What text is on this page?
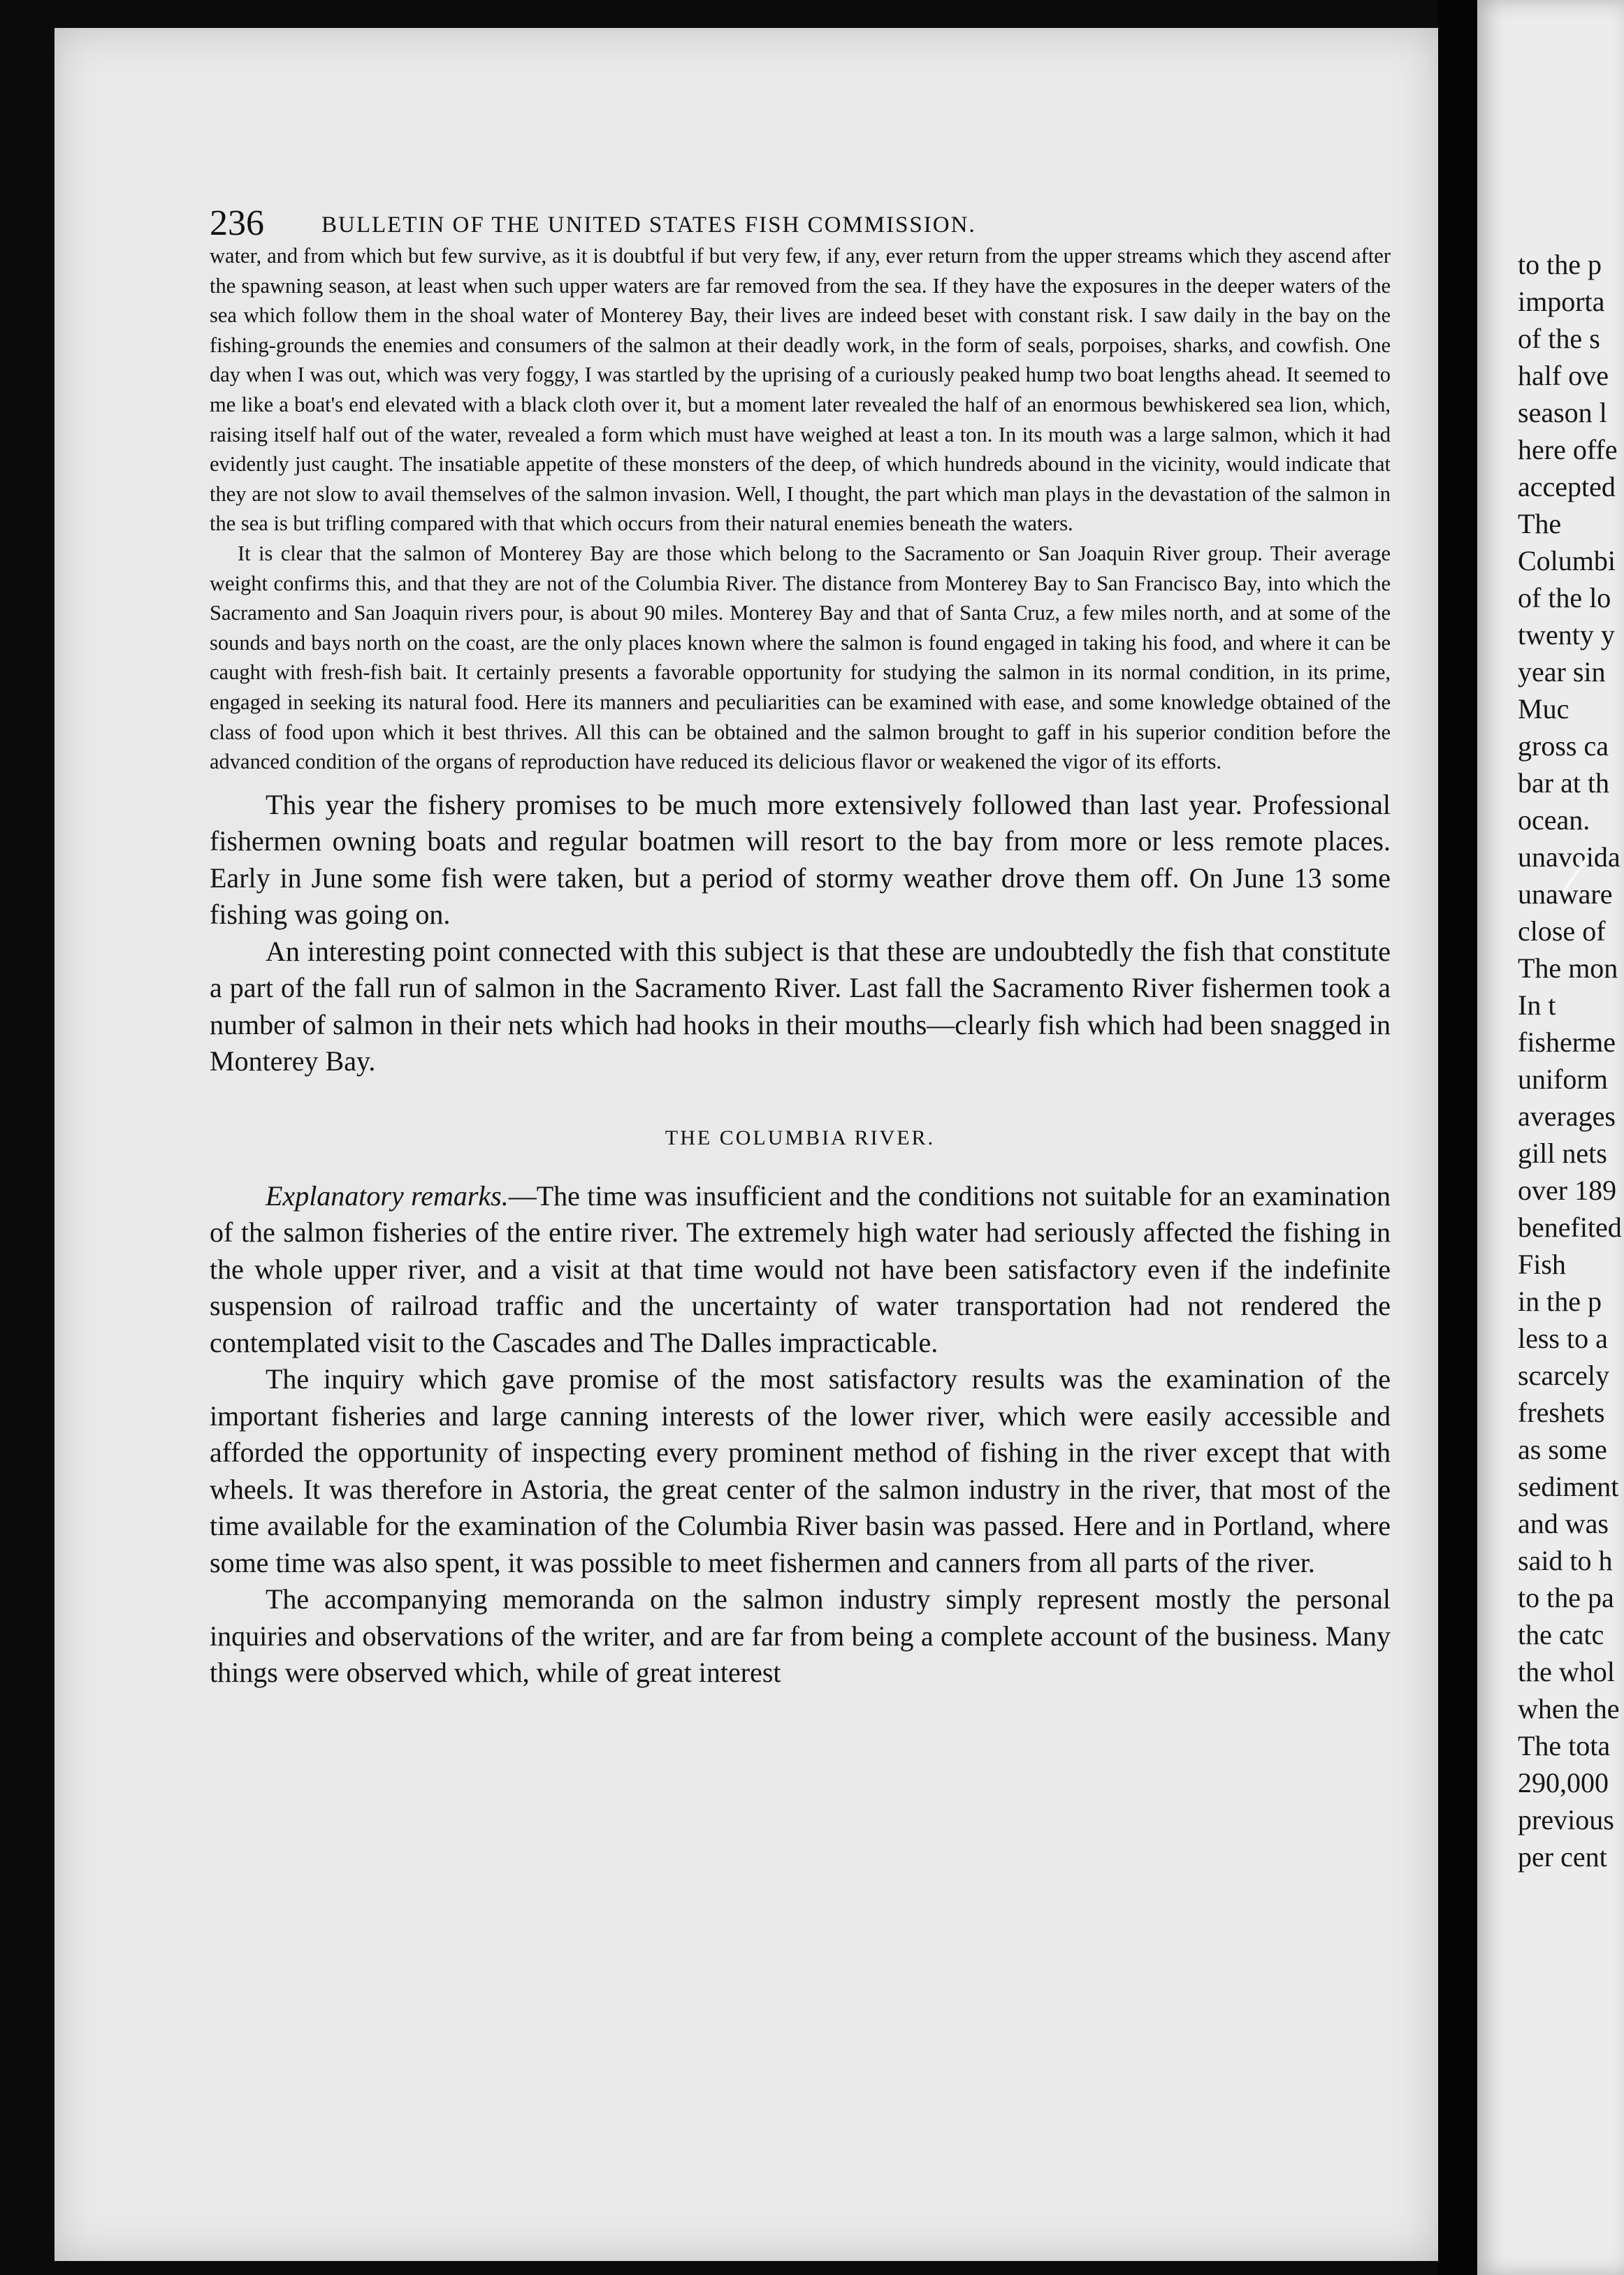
to the p
importa
of the s
half ove
season l
here offe
accepted
The
Columbi
of the lo
twenty y
year sin
Muc
gross ca
bar at th
ocean.
unavoida
unaware
close of
The mon
In t
fisherme
uniform
averages
gill nets
over 189
benefited
Fish
in the p
less to a
scarcely
freshets
as some
sediment
and was
said to h
to the pa
the catc
the whol
when the
The tota
290,000
previous
per cent
236 BULLETIN OF THE UNITED STATES FISH COMMISSION.

water, and from which but few survive, as it is doubtful if but very few, if any, ever return from the upper streams which they ascend after the spawning season, at least when such upper waters are far removed from the sea. If they have the exposures in the deeper waters of the sea which follow them in the shoal water of Monterey Bay, their lives are indeed beset with constant risk. I saw daily in the bay on the fishing-grounds the enemies and consumers of the salmon at their deadly work, in the form of seals, porpoises, sharks, and cowfish. One day when I was out, which was very foggy, I was startled by the uprising of a curiously peaked hump two boat lengths ahead. It seemed to me like a boat's end elevated with a black cloth over it, but a moment later revealed the half of an enormous bewhiskered sea lion, which, raising itself half out of the water, revealed a form which must have weighed at least a ton. In its mouth was a large salmon, which it had evidently just caught. The insatiable appetite of these monsters of the deep, of which hundreds abound in the vicinity, would indicate that they are not slow to avail themselves of the salmon invasion. Well, I thought, the part which man plays in the devastation of the salmon in the sea is but trifling compared with that which occurs from their natural enemies beneath the waters.

It is clear that the salmon of Monterey Bay are those which belong to the Sacramento or San Joaquin River group. Their average weight confirms this, and that they are not of the Columbia River. The distance from Monterey Bay to San Francisco Bay, into which the Sacramento and San Joaquin rivers pour, is about 90 miles. Monterey Bay and that of Santa Cruz, a few miles north, and at some of the sounds and bays north on the coast, are the only places known where the salmon is found engaged in taking his food, and where it can be caught with fresh-fish bait. It certainly presents a favorable opportunity for studying the salmon in its normal condition, in its prime, engaged in seeking its natural food. Here its manners and peculiarities can be examined with ease, and some knowledge obtained of the class of food upon which it best thrives. All this can be obtained and the salmon brought to gaff in his superior condition before the advanced condition of the organs of reproduction have reduced its delicious flavor or weakened the vigor of its efforts.

This year the fishery promises to be much more extensively followed than last year. Professional fishermen owning boats and regular boatmen will resort to the bay from more or less remote places. Early in June some fish were taken, but a period of stormy weather drove them off. On June 13 some fishing was going on.

An interesting point connected with this subject is that these are undoubtedly the fish that constitute a part of the fall run of salmon in the Sacramento River. Last fall the Sacramento River fishermen took a number of salmon in their nets which had hooks in their mouths—clearly fish which had been snagged in Monterey Bay.

THE COLUMBIA RIVER.

Explanatory remarks.—The time was insufficient and the conditions not suitable for an examination of the salmon fisheries of the entire river. The extremely high water had seriously affected the fishing in the whole upper river, and a visit at that time would not have been satisfactory even if the indefinite suspension of railroad traffic and the uncertainty of water transportation had not rendered the contemplated visit to the Cascades and The Dalles impracticable.

The inquiry which gave promise of the most satisfactory results was the examination of the important fisheries and large canning interests of the lower river, which were easily accessible and afforded the opportunity of inspecting every prominent method of fishing in the river except that with wheels. It was therefore in Astoria, the great center of the salmon industry in the river, that most of the time available for the examination of the Columbia River basin was passed. Here and in Portland, where some time was also spent, it was possible to meet fishermen and canners from all parts of the river.

The accompanying memoranda on the salmon industry simply represent mostly the personal inquiries and observations of the writer, and are far from being a complete account of the business. Many things were observed which, while of great interest
